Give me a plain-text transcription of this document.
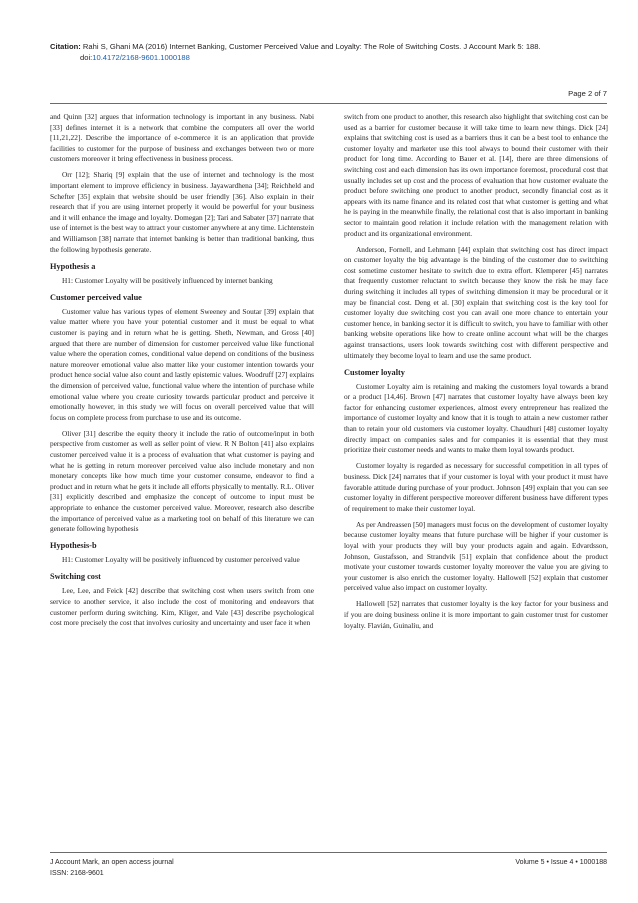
Citation: Rahi S, Ghani MA (2016) Internet Banking, Customer Perceived Value and Loyalty: The Role of Switching Costs. J Account Mark 5: 188.
doi:10.4172/2168-9601.1000188
Page 2 of 7

and Quinn [32] argues that information technology is important in any business. Nabi [33] defines internet it is a network that combine the computers all over the world [11,21,22]. Describe the importance of e-commerce it is an application that provide facilities to customer for the purpose of business and exchanges between two or more customers moreover it bring effectiveness in business process.

Orr [12]; Shariq [9] explain that the use of internet and technology is the most important element to improve efficiency in business. Jayawardhena [34]; Reichheld and Schefter [35] explain that website should be user friendly [36]. Also explain in their research that if you are using internet properly it would be powerful for your business and it will enhance the image and loyalty. Domegan [2]; Tari and Sabater [37] narrate that use of internet is the best way to attract your customer anywhere at any time. Lichtenstein and Williamson [38] narrate that internet banking is better than traditional banking, thus the following hypothesis generate.

Hypothesis a

H1: Customer Loyalty will be positively influenced by internet banking

Customer perceived value

Customer value has various types of element Sweeney and Soutar [39] explain that value matter where you have your potential customer and it must be equal to what customer is paying and in return what he is getting. Sheth, Newman, and Gross [40] argued that there are number of dimension for customer perceived value like functional value where the operation comes, conditional value depend on conditions of the business nature moreover emotional value also matter like your customer intention towards your product hence social value also count and lastly epistemic values. Woodruff [27] explains the dimension of perceived value, functional value where the intention of purchase while emotional value where you create curiosity towards particular product and perceive it emotionally however, in this study we will focus on overall perceived value that will focus on complete process from purchase to use and its outcome.

Oliver [31] describe the equity theory it include the ratio of outcome/input in both perspective from customer as well as seller point of view. R N Bolton [41] also explains customer perceived value it is a process of evaluation that what customer is paying and what he is getting in return moreover perceived value also include monetary and non monetary concepts like how much time your customer consume, endeavor to find a product and in return what he gets it include all efforts physically to mentally. R.L. Oliver [31] explicitly described and emphasize the concept of outcome to input must be appropriate to enhance the customer perceived value. Moreover, research also describe the importance of perceived value as a marketing tool on behalf of this literature we can generate following hypothesis

Hypothesis-b

H1: Customer Loyalty will be positively influenced by customer perceived value

Switching cost

Lee, Lee, and Feick [42] describe that switching cost when users switch from one service to another service, it also include the cost of monitoring and endeavors that customer perform during switching. Kim, Kliger, and Vale [43] describe psychological cost more precisely the cost that involves curiosity and uncertainty and user face it when

switch from one product to another, this research also highlight that switching cost can be used as a barrier for customer because it will take time to learn new things. Dick [24] explains that switching cost is used as a barriers thus it can be a best tool to enhance the customer loyalty and marketer use this tool always to bound their customer with their product for long time. According to Bauer et al. [14], there are three dimensions of switching cost and each dimension has its own importance foremost, procedural cost that usually includes set up cost and the process of evaluation that how customer evaluate the product before switching one product to another product, secondly financial cost as it appears with its name finance and its related cost that what customer is getting and what he is paying in the meanwhile finally, the relational cost that is also important in banking sector to maintain good relation it include relation with the management relation with product and its organizational environment.

Anderson, Fornell, and Lehmann [44] explain that switching cost has direct impact on customer loyalty the big advantage is the binding of the customer due to switching cost sometime customer hesitate to switch due to extra effort. Klemperer [45] narrates that frequently customer reluctant to switch because they know the risk he may face during switching it includes all types of switching dimension it may be procedural or it may be financial cost. Deng et al. [30] explain that switching cost is the key tool for customer loyalty due switching cost you can avail one more chance to entertain your customer hence, in banking sector it is difficult to switch, you have to familiar with other banking website operations like how to create online account what will be the charges against transactions, users look towards switching cost with different perspective and ultimately they become loyal to learn and use the same product.

Customer loyalty

Customer Loyalty aim is retaining and making the customers loyal towards a brand or a product [14,46]. Brown [47] narrates that customer loyalty have always been key factor for enhancing customer experiences, almost every entrepreneur has realized the importance of customer loyalty and know that it is tough to attain a new customer rather than to retain your old customers via customer loyalty. Chaudhuri [48] customer loyalty directly impact on companies sales and for companies it is essential that they must prioritize their customer needs and wants to make them loyal towards product.

Customer loyalty is regarded as necessary for successful competition in all types of business. Dick [24] narrates that if your customer is loyal with your product it must have favorable attitude during purchase of your product. Johnson [49] explain that you can see customer loyalty in different perspective moreover different business have different types of requirement to make their customer loyal.

As per Andreassen [50] managers must focus on the development of customer loyalty because customer loyalty means that future purchase will be higher if your customer is loyal with your products they will buy your products again and again. Edvardsson, Johnson, Gustafsson, and Strandvik [51] explain that confidence about the product motivate your customer towards customer loyalty moreover the value you are giving to your customer is also enrich the customer loyalty. Hallowell [52] explain that customer perceived value also impact on customer loyalty.

Hallowell [52] narrates that customer loyalty is the key factor for your business and if you are doing business online it is more important to gain customer trust for customer loyalty. Flavián, Guinalíu, and

J Account Mark, an open access journal
ISSN: 2168-9601
Volume 5 • Issue 4 • 1000188
